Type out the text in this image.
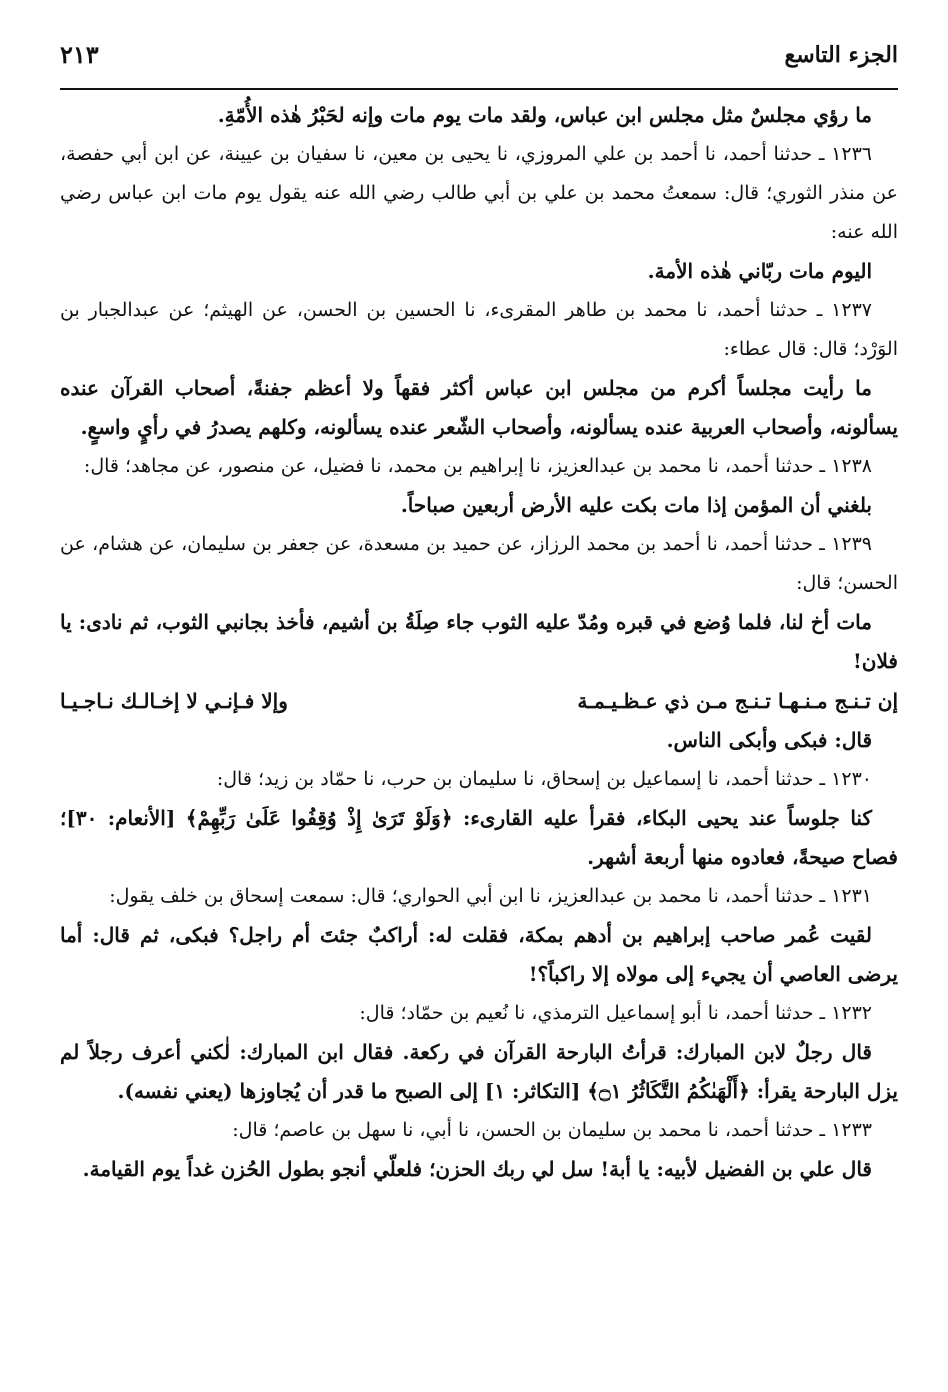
الجزء التاسع
٢١٣

ما رؤي مجلسٌ مثل مجلس ابن عباس، ولقد مات يوم مات وإنه لحَبْرُ هٰذه الأُمّةِ.

١٢٣٦ ـ حدثنا أحمد، نا أحمد بن علي المروزي، نا يحيى بن معين، نا سفيان بن عيينة، عن ابن أبي حفصة، عن منذر الثوري؛ قال: سمعتُ محمد بن علي بن أبي طالب رضي الله عنه يقول يوم مات ابن عباس رضي الله عنه:

اليوم مات ربّاني هٰذه الأمة.

١٢٣٧ ـ حدثنا أحمد، نا محمد بن طاهر المقرىء، نا الحسين بن الحسن، عن الهيثم؛ عن عبدالجبار بن الوَرْد؛ قال: قال عطاء:

ما رأيت مجلساً أكرم من مجلس ابن عباس أكثر فقهاً ولا أعظم جفنةً، أصحاب القرآن عنده يسألونه، وأصحاب العربية عنده يسألونه، وأصحاب الشّعر عنده يسألونه، وكلهم يصدرُ في رأيٍ واسعٍ.

١٢٣٨ ـ حدثنا أحمد، نا محمد بن عبدالعزيز، نا إبراهيم بن محمد، نا فضيل، عن منصور، عن مجاهد؛ قال:

بلغني أن المؤمن إذا مات بكت عليه الأرض أربعين صباحاً.

١٢٣٩ ـ حدثنا أحمد، نا أحمد بن محمد الرزاز، عن حميد بن مسعدة، عن جعفر بن سليمان، عن هشام، عن الحسن؛ قال:

مات أخ لنا، فلما وُضع في قبره ومُدّ عليه الثوب جاء صِلَةُ بن أشيم، فأخذ بجانبي الثوب، ثم نادى: يا فلان!

إن تـنـج مـنـهـا تـنـج مـن ذي عـظـيـمـة
وإلا فـإنـي لا إخـالـك نـاجـيـا

قال: فبكى وأبكى الناس.

١٢٣٠ ـ حدثنا أحمد، نا إسماعيل بن إسحاق، نا سليمان بن حرب، نا حمّاد بن زيد؛ قال:

كنا جلوساً عند يحيى البكاء، فقرأ عليه القارىء: ﴿وَلَوْ تَرَىٰ إِذْ وُقِفُوا عَلَىٰ رَبِّهِمْ﴾ [الأنعام: ٣٠]؛ فصاح صيحةً، فعادوه منها أربعة أشهر.

١٢٣١ ـ حدثنا أحمد، نا محمد بن عبدالعزيز، نا ابن أبي الحواري؛ قال: سمعت إسحاق بن خلف يقول:

لقيت عُمر صاحب إبراهيم بن أدهم بمكة، فقلت له: أراكبٌ جئتَ أم راجل؟ فبكى، ثم قال: أما يرضى العاصي أن يجيء إلى مولاه إلا راكباً؟!

١٢٣٢ ـ حدثنا أحمد، نا أبو إسماعيل الترمذي، نا نُعيم بن حمّاد؛ قال:

قال رجلٌ لابن المبارك: قرأتُ البارحة القرآن في ركعة. فقال ابن المبارك: لٰكني أعرف رجلاً لم يزل البارحة يقرأ: ﴿أَلْهَىٰكُمُ التَّكَاثُرُ ۝١﴾ [التكاثر: ١] إلى الصبح ما قدر أن يُجاوزها (يعني نفسه).

١٢٣٣ ـ حدثنا أحمد، نا محمد بن سليمان بن الحسن، نا أبي، نا سهل بن عاصم؛ قال:

قال علي بن الفضيل لأبيه: يا أبة! سل لي ربك الحزن؛ فلعلّي أنجو بطول الحُزن غداً يوم القيامة.
